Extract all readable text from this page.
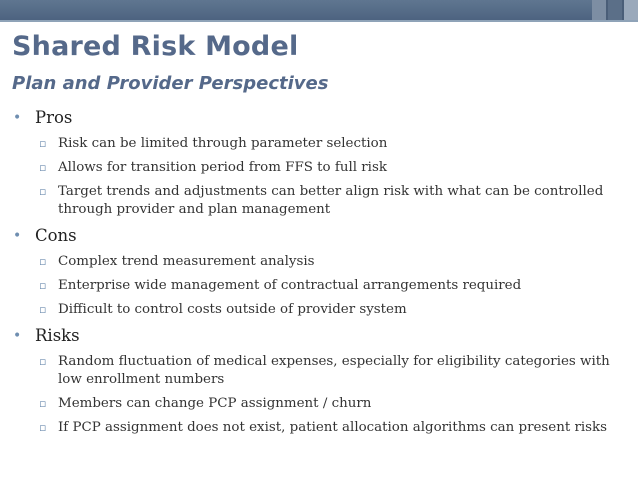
Shared Risk Model
Plan and Provider Perspectives
• Pros
▫ Risk can be limited through parameter selection
▫ Allows for transition period from FFS to full risk
▫ Target trends and adjustments can better align risk with what can be controlled through provider and plan management
• Cons
▫ Complex trend measurement analysis
▫ Enterprise wide management of contractual arrangements required
▫ Difficult to control costs outside of provider system
• Risks
▫ Random fluctuation of medical expenses, especially for eligibility categories with low enrollment numbers
▫ Members can change PCP assignment / churn
▫ If PCP assignment does not exist, patient allocation algorithms can present risks
